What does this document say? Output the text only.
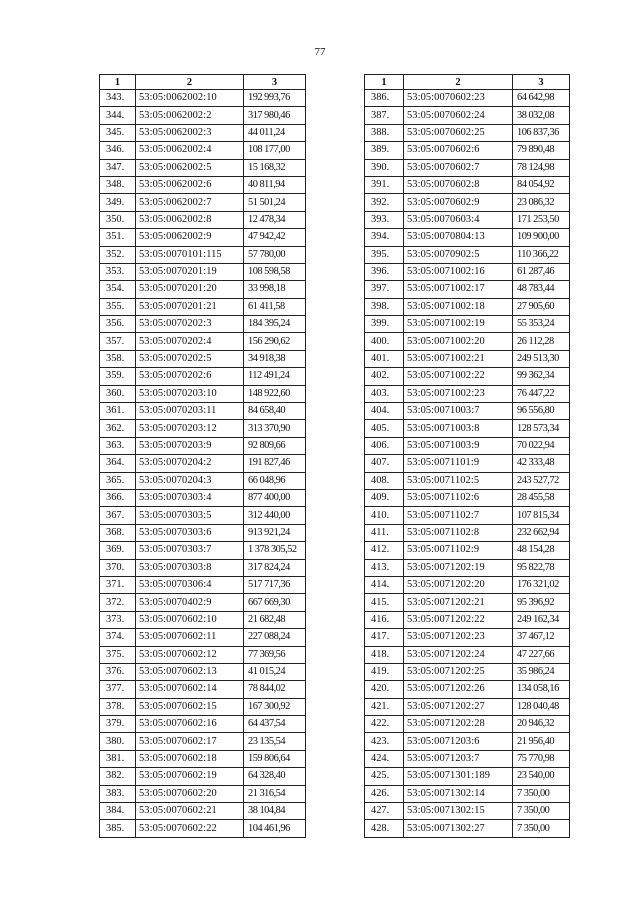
77
1	2	3
343.	53:05:0062002:10	192 993,76
344.	53:05:0062002:2	317 980,46
345.	53:05:0062002:3	44 011,24
346.	53:05:0062002:4	108 177,00
347.	53:05:0062002:5	15 168,32
348.	53:05:0062002:6	40 811,94
349.	53:05:0062002:7	51 501,24
350.	53:05:0062002:8	12 478,34
351.	53:05:0062002:9	47 942,42
352.	53:05:0070101:115	57 780,00
353.	53:05:0070201:19	108 598,58
354.	53:05:0070201:20	33 998,18
355.	53:05:0070201:21	61 411,58
356.	53:05:0070202:3	184 395,24
357.	53:05:0070202:4	156 290,62
358.	53:05:0070202:5	34 918,38
359.	53:05:0070202:6	112 491,24
360.	53:05:0070203:10	148 922,60
361.	53:05:0070203:11	84 658,40
362.	53:05:0070203:12	313 370,90
363.	53:05:0070203:9	92 809,66
364.	53:05:0070204:2	191 827,46
365.	53:05:0070204:3	66 048,96
366.	53:05:0070303:4	877 400,00
367.	53:05:0070303:5	312 440,00
368.	53:05:0070303:6	913 921,24
369.	53:05:0070303:7	1 378 305,52
370.	53:05:0070303:8	317 824,24
371.	53:05:0070306:4	517 717,36
372.	53:05:0070402:9	667 669,30
373.	53:05:0070602:10	21 682,48
374.	53:05:0070602:11	227 088,24
375.	53:05:0070602:12	77 369,56
376.	53:05:0070602:13	41 015,24
377.	53:05:0070602:14	78 844,02
378.	53:05:0070602:15	167 300,92
379.	53:05:0070602:16	64 437,54
380.	53:05:0070602:17	23 135,54
381.	53:05:0070602:18	159 806,64
382.	53:05:0070602:19	64 328,40
383.	53:05:0070602:20	21 316,54
384.	53:05:0070602:21	38 104,84
385.	53:05:0070602:22	104 461,96
1	2	3
386.	53:05:0070602:23	64 642,98
387.	53:05:0070602:24	38 032,08
388.	53:05:0070602:25	106 837,36
389.	53:05:0070602:6	79 890,48
390.	53:05:0070602:7	78 124,98
391.	53:05:0070602:8	84 054,92
392.	53:05:0070602:9	23 086,32
393.	53:05:0070603:4	171 253,50
394.	53:05:0070804:13	109 900,00
395.	53:05:0070902:5	110 366,22
396.	53:05:0071002:16	61 287,46
397.	53:05:0071002:17	48 783,44
398.	53:05:0071002:18	27 905,60
399.	53:05:0071002:19	55 353,24
400.	53:05:0071002:20	26 112,28
401.	53:05:0071002:21	249 513,30
402.	53:05:0071002:22	99 362,34
403.	53:05:0071002:23	76 447,22
404.	53:05:0071003:7	96 556,80
405.	53:05:0071003:8	128 573,34
406.	53:05:0071003:9	70 022,94
407.	53:05:0071101:9	42 333,48
408.	53:05:0071102:5	243 527,72
409.	53:05:0071102:6	28 455,58
410.	53:05:0071102:7	107 815,34
411.	53:05:0071102:8	232 662,94
412.	53:05:0071102:9	48 154,28
413.	53:05:0071202:19	95 822,78
414.	53:05:0071202:20	176 321,02
415.	53:05:0071202:21	95 396,92
416.	53:05:0071202:22	249 162,34
417.	53:05:0071202:23	37 467,12
418.	53:05:0071202:24	47 227,66
419.	53:05:0071202:25	35 986,24
420.	53:05:0071202:26	134 058,16
421.	53:05:0071202:27	128 040,48
422.	53:05:0071202:28	20 946,32
423.	53:05:0071203:6	21 956,40
424.	53:05:0071203:7	75 770,98
425.	53:05:0071301:189	23 540,00
426.	53:05:0071302:14	7 350,00
427.	53:05:0071302:15	7 350,00
428.	53:05:0071302:27	7 350,00
